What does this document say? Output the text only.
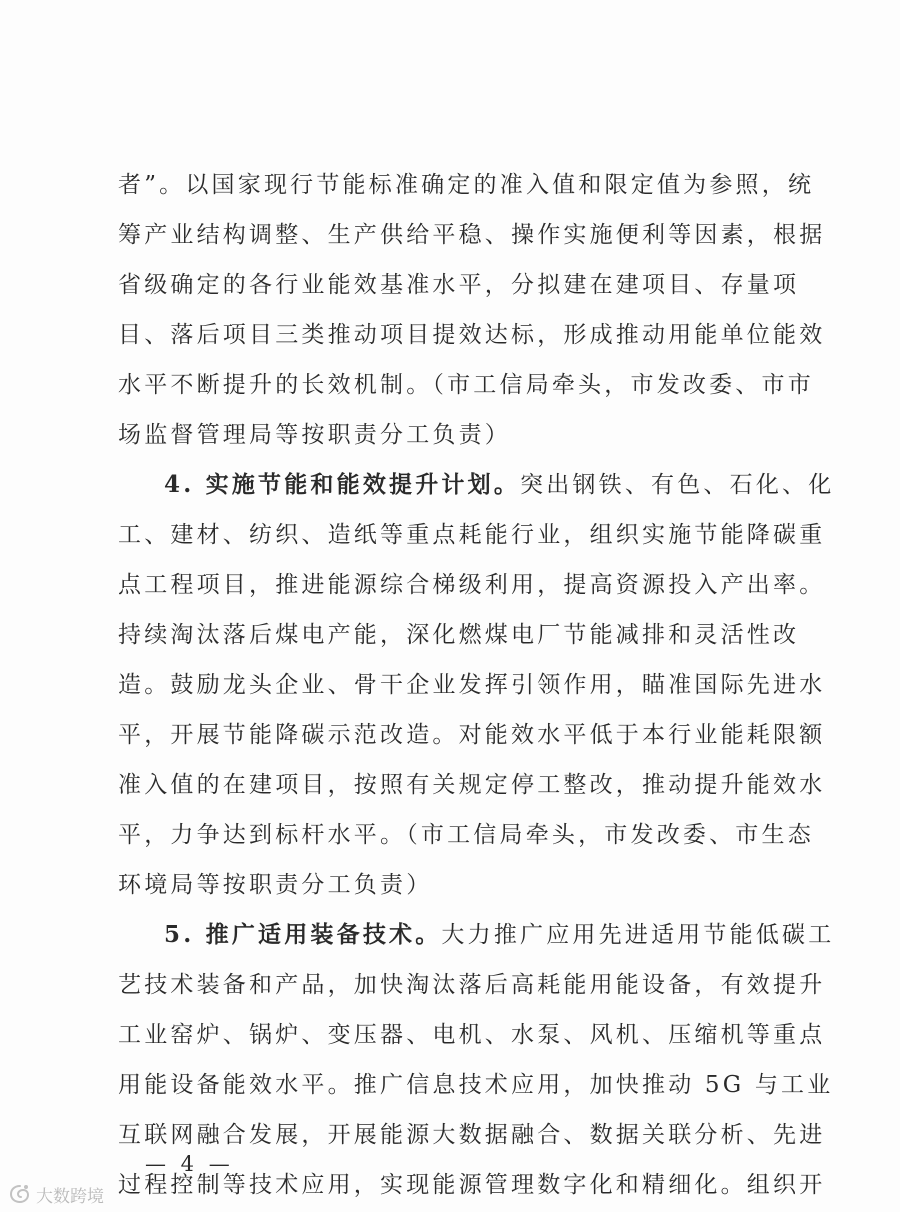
者”。以国家现行节能标准确定的准入值和限定值为参照，统
筹产业结构调整、生产供给平稳、操作实施便利等因素，根据
省级确定的各行业能效基准水平，分拟建在建项目、存量项
目、落后项目三类推动项目提效达标，形成推动用能单位能效
水平不断提升的长效机制。（市工信局牵头，市发改委、市市
场监督管理局等按职责分工负责）
4. 实施节能和能效提升计划。突出钢铁、有色、石化、化
工、建材、纺织、造纸等重点耗能行业，组织实施节能降碳重
点工程项目，推进能源综合梯级利用，提高资源投入产出率。
持续淘汰落后煤电产能，深化燃煤电厂节能减排和灵活性改
造。鼓励龙头企业、骨干企业发挥引领作用，瞄准国际先进水
平，开展节能降碳示范改造。对能效水平低于本行业能耗限额
准入值的在建项目，按照有关规定停工整改，推动提升能效水
平，力争达到标杆水平。（市工信局牵头，市发改委、市生态
环境局等按职责分工负责）
5. 推广适用装备技术。大力推广应用先进适用节能低碳工
艺技术装备和产品，加快淘汰落后高耗能用能设备，有效提升
工业窑炉、锅炉、变压器、电机、水泵、风机、压缩机等重点
用能设备能效水平。推广信息技术应用，加快推动 5G 与工业
互联网融合发展，开展能源大数据融合、数据关联分析、先进
过程控制等技术应用，实现能源管理数字化和精细化。组织开
— 4 —
大数跨境
